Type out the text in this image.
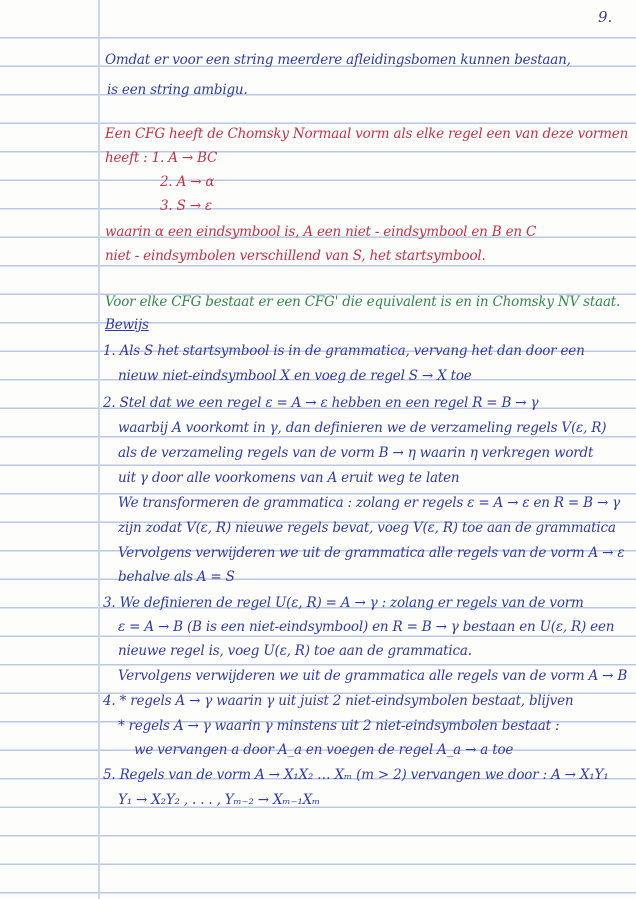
9.
Omdat er voor een string meerdere afleidingsbomen kunnen bestaan,
is een string ambigu.
Een CFG heeft de Chomsky Normaal vorm als elke regel een van deze vormen
heeft : 1. A → BC
2. A → α
3. S → ε
waarin α een eindsymbool is, A een niet - eindsymbool en B en C
niet - eindsymbolen verschillend van S, het startsymbool.
Voor elke CFG bestaat er een CFG' die equivalent is en in Chomsky NV staat.
Bewijs
1. Als S het startsymbool is in de grammatica, vervang het dan door een
nieuw niet-eindsymbool X en voeg de regel S → X toe
2. Stel dat we een regel ε = A → ε hebben en een regel R = B → γ
waarbij A voorkomt in γ, dan definieren we de verzameling regels V(ε, R)
als de verzameling regels van de vorm B → η waarin η verkregen wordt
uit γ door alle voorkomens van A eruit weg te laten
We transformeren de grammatica : zolang er regels ε = A → ε en R = B → γ
zijn zodat V(ε, R) nieuwe regels bevat, voeg V(ε, R) toe aan de grammatica
Vervolgens verwijderen we uit de grammatica alle regels van de vorm A → ε
behalve als A = S
3. We definieren de regel U(ε, R) = A → γ : zolang er regels van de vorm
ε = A → B (B is een niet-eindsymbool) en R = B → γ bestaan en U(ε, R) een
nieuwe regel is, voeg U(ε, R) toe aan de grammatica.
Vervolgens verwijderen we uit de grammatica alle regels van de vorm A → B
4. * regels A → γ waarin γ uit juist 2 niet-eindsymbolen bestaat, blijven
* regels A → γ waarin γ minstens uit 2 niet-eindsymbolen bestaat :
we vervangen a door A_a en voegen de regel A_a → a toe
5. Regels van de vorm A → X₁X₂ … Xₘ (m > 2) vervangen we door : A → X₁Y₁
Y₁ → X₂Y₂ , . . . , Yₘ₋₂ → Xₘ₋₁Xₘ
